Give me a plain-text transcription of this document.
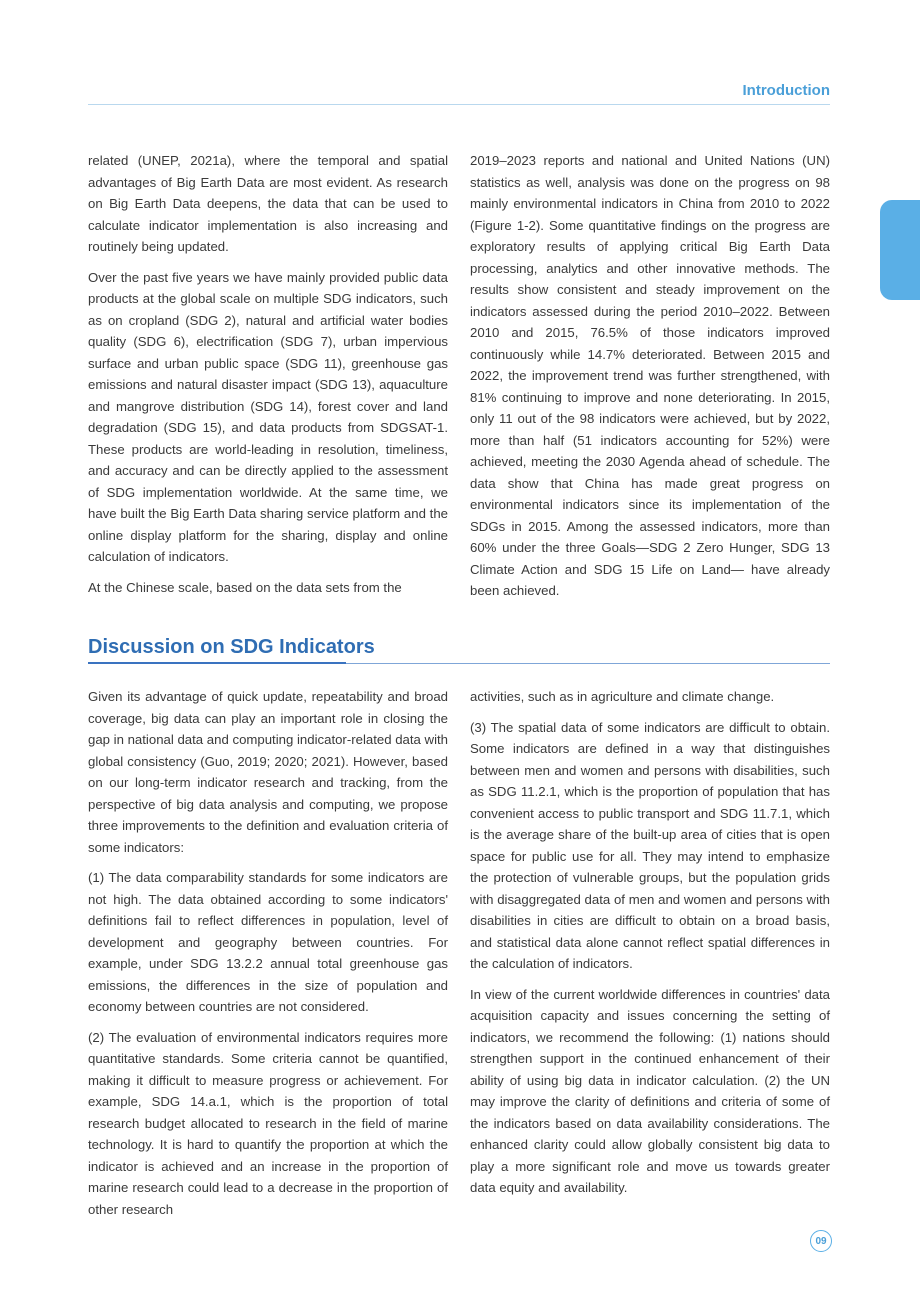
Introduction

related (UNEP, 2021a), where the temporal and spatial advantages of Big Earth Data are most evident. As research on Big Earth Data deepens, the data that can be used to calculate indicator implementation is also increasing and routinely being updated.

Over the past five years we have mainly provided public data products at the global scale on multiple SDG indicators, such as on cropland (SDG 2), natural and artificial water bodies quality (SDG 6), electrification (SDG 7), urban impervious surface and urban public space (SDG 11), greenhouse gas emissions and natural disaster impact (SDG 13), aquaculture and mangrove distribution (SDG 14), forest cover and land degradation (SDG 15), and data products from SDGSAT-1. These products are world-leading in resolution, timeliness, and accuracy and can be directly applied to the assessment of SDG implementation worldwide. At the same time, we have built the Big Earth Data sharing service platform and the online display platform for the sharing, display and online calculation of indicators.

At the Chinese scale, based on the data sets from the

2019–2023 reports and national and United Nations (UN) statistics as well, analysis was done on the progress on 98 mainly environmental indicators in China from 2010 to 2022 (Figure 1-2). Some quantitative findings on the progress are exploratory results of applying critical Big Earth Data processing, analytics and other innovative methods. The results show consistent and steady improvement on the indicators assessed during the period 2010–2022. Between 2010 and 2015, 76.5% of those indicators improved continuously while 14.7% deteriorated. Between 2015 and 2022, the improvement trend was further strengthened, with 81% continuing to improve and none deteriorating. In 2015, only 11 out of the 98 indicators were achieved, but by 2022, more than half (51 indicators accounting for 52%) were achieved, meeting the 2030 Agenda ahead of schedule. The data show that China has made great progress on environmental indicators since its implementation of the SDGs in 2015. Among the assessed indicators, more than 60% under the three Goals—SDG 2 Zero Hunger, SDG 13 Climate Action and SDG 15 Life on Land— have already been achieved.

Discussion on SDG Indicators

Given its advantage of quick update, repeatability and broad coverage, big data can play an important role in closing the gap in national data and computing indicator-related data with global consistency (Guo, 2019; 2020; 2021). However, based on our long-term indicator research and tracking, from the perspective of big data analysis and computing, we propose three improvements to the definition and evaluation criteria of some indicators:

(1) The data comparability standards for some indicators are not high. The data obtained according to some indicators' definitions fail to reflect differences in population, level of development and geography between countries. For example, under SDG 13.2.2 annual total greenhouse gas emissions, the differences in the size of population and economy between countries are not considered.

(2) The evaluation of environmental indicators requires more quantitative standards. Some criteria cannot be quantified, making it difficult to measure progress or achievement. For example, SDG 14.a.1, which is the proportion of total research budget allocated to research in the field of marine technology. It is hard to quantify the proportion at which the indicator is achieved and an increase in the proportion of marine research could lead to a decrease in the proportion of other research

activities, such as in agriculture and climate change.

(3) The spatial data of some indicators are difficult to obtain. Some indicators are defined in a way that distinguishes between men and women and persons with disabilities, such as SDG 11.2.1, which is the proportion of population that has convenient access to public transport and SDG 11.7.1, which is the average share of the built-up area of cities that is open space for public use for all. They may intend to emphasize the protection of vulnerable groups, but the population grids with disaggregated data of men and women and persons with disabilities in cities are difficult to obtain on a broad basis, and statistical data alone cannot reflect spatial differences in the calculation of indicators.

In view of the current worldwide differences in countries' data acquisition capacity and issues concerning the setting of indicators, we recommend the following: (1) nations should strengthen support in the continued enhancement of their ability of using big data in indicator calculation. (2) the UN may improve the clarity of definitions and criteria of some of the indicators based on data availability considerations. The enhanced clarity could allow globally consistent big data to play a more significant role and move us towards greater data equity and availability.

09
